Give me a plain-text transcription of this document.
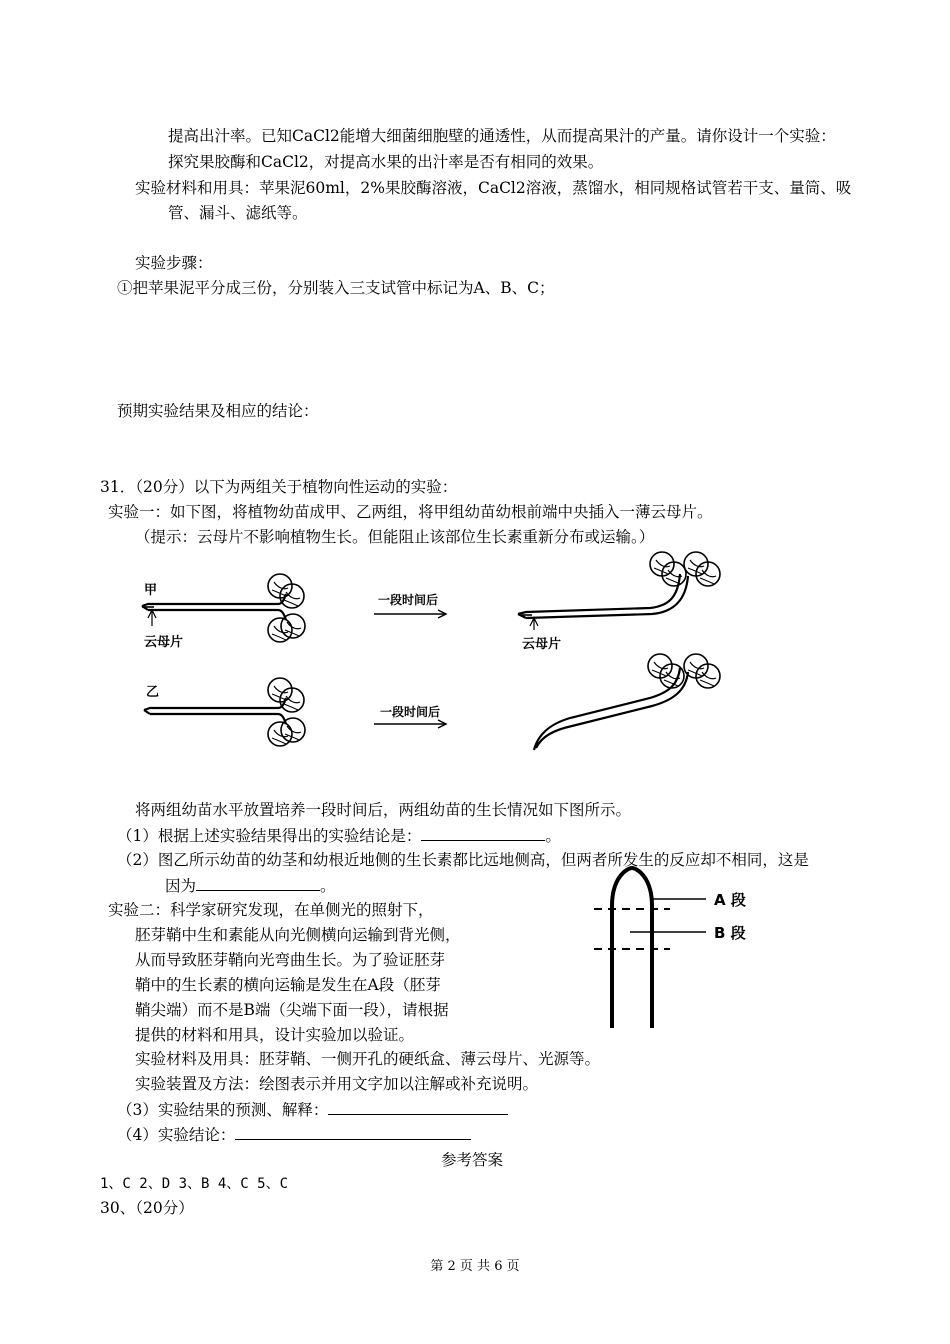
提高出汁率。已知CaCl2能增大细菌细胞壁的通透性，从而提高果汁的产量。请你设计一个实验：
探究果胶酶和CaCl2，对提高水果的出汁率是否有相同的效果。
实验材料和用具：苹果泥60ml，2%果胶酶溶液，CaCl2溶液，蒸馏水，相同规格试管若干支、量筒、吸
管、漏斗、滤纸等。
实验步骤：
①把苹果泥平分成三份，分别装入三支试管中标记为A、B、C；
预期实验结果及相应的结论：
31．（20分）以下为两组关于植物向性运动的实验：
实验一：如下图，将植物幼苗成甲、乙两组，将甲组幼苗幼根前端中央插入一薄云母片。
（提示：云母片不影响植物生长。但能阻止该部位生长素重新分布或运输。）
甲
云母片
乙
一段时间后
一段时间后
云母片
将两组幼苗水平放置培养一段时间后，两组幼苗的生长情况如下图所示。
（1）根据上述实验结果得出的实验结论是：	。
（2）图乙所示幼苗的幼茎和幼根近地侧的生长素都比远地侧高，但两者所发生的反应却不相同，这是
因为	。
实验二：科学家研究发现，在单侧光的照射下，
胚芽鞘中生和素能从向光侧横向运输到背光侧，
从而导致胚芽鞘向光弯曲生长。为了验证胚芽
鞘中的生长素的横向运输是发生在A段（胚芽
鞘尖端）而不是B端（尖端下面一段），请根据
提供的材料和用具，设计实验加以验证。
A 段
B 段
实验材料及用具：胚芽鞘、一侧开孔的硬纸盒、薄云母片、光源等。
实验装置及方法：绘图表示并用文字加以注解或补充说明。
（3）实验结果的预测、解释：
（4）实验结论：
参考答案
1、C 2、D 3、B 4、C 5、C
30、（20分）
第 2 页 共 6 页
